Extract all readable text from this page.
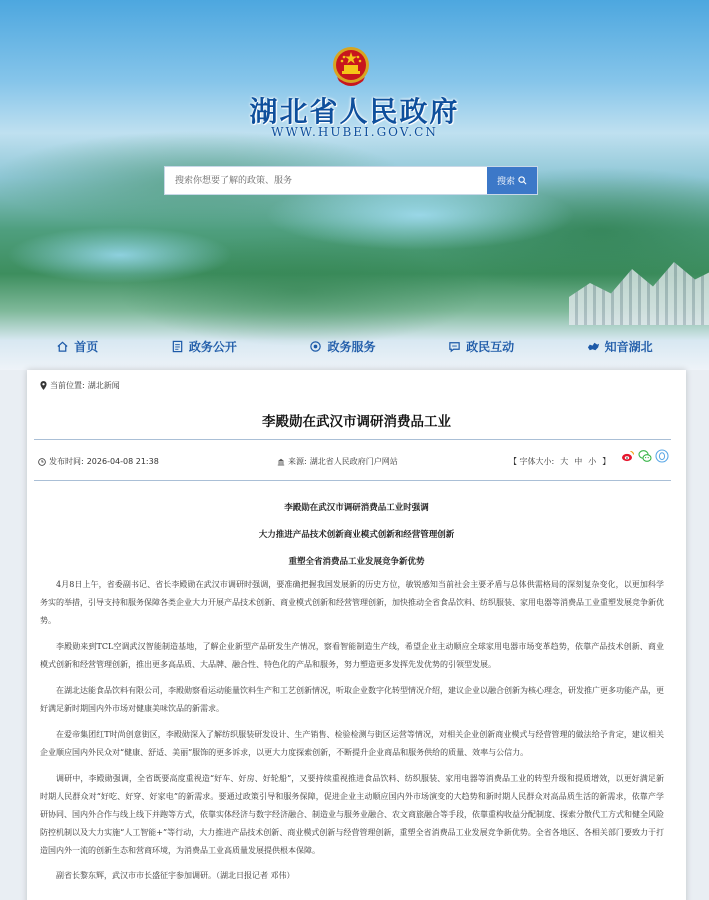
湖北省人民政府
WWW.HUBEI.GOV.CN
搜索你想要了解的政策、服务
搜索
首页	政务公开	政务服务	政民互动	知音湖北
当前位置: 湖北新闻
李殿勋在武汉市调研消费品工业
发布时间: 2026-04-08 21:38	来源: 湖北省人民政府门户网站	【 字体大小: 大 中 小 】
李殿勋在武汉市调研消费品工业时强调
大力推进产品技术创新商业模式创新和经营管理创新
重塑全省消费品工业发展竞争新优势

4月8日上午，省委副书记、省长李殿勋在武汉市调研时强调，要准确把握我国发展新的历史方位，敏锐感知当前社会主要矛盾与总体供需格局的深刻复杂变化，以更加科学务实的举措，引导支持和服务保障各类企业大力开展产品技术创新、商业模式创新和经营管理创新，加快推动全省食品饮料、纺织服装、家用电器等消费品工业重塑发展竞争新优势。

李殿勋来到TCL空调武汉智能制造基地，了解企业新型产品研发生产情况，察看智能制造生产线，希望企业主动顺应全球家用电器市场变革趋势，依靠产品技术创新、商业模式创新和经营管理创新，推出更多高品质、大品牌、融合性、特色化的产品和服务，努力塑造更多发挥先发优势的引领型发展。

在湖北达能食品饮料有限公司，李殿勋察看运动能量饮料生产和工艺创新情况，听取企业数字化转型情况介绍，建议企业以融合创新为核心理念，研发推广更多功能产品，更好满足新时期国内外市场对健康美味饮品的新需求。

在爱帝集团红T时尚创意街区，李殿勋深入了解纺织服装研发设计、生产销售、检验检测与街区运营等情况，对相关企业创新商业模式与经营管理的做法给予肯定，建议相关企业顺应国内外民众对“健康、舒适、美丽”服饰的更多诉求，以更大力度探索创新，不断提升企业商品和服务供给的质量、效率与公信力。

调研中，李殿勋强调，全省既要高度重视造“好车、好房、好轮船”，又要持续重视推进食品饮料、纺织服装、家用电器等消费品工业的转型升级和提质增效，以更好满足新时期人民群众对“好吃、好穿、好家电”的新需求。要通过政策引导和服务保障，促进企业主动顺应国内外市场演变的大趋势和新时期人民群众对高品质生活的新需求，依靠产学研协同、国内外合作与线上线下并跑等方式，依靠实体经济与数字经济融合、制造业与服务业融合、农文商旅融合等手段，依靠重构收益分配制度、探索分散代工方式和健全风险防控机制以及大力实施“人工智能+”等行动，大力推进产品技术创新、商业模式创新与经营管理创新，重塑全省消费品工业发展竞争新优势。全省各地区、各相关部门要致力于打造国内外一流的创新生态和营商环境，为消费品工业高质量发展提供根本保障。

副省长黎东辉，武汉市市长盛征宇参加调研。（湖北日报记者 邓伟）
